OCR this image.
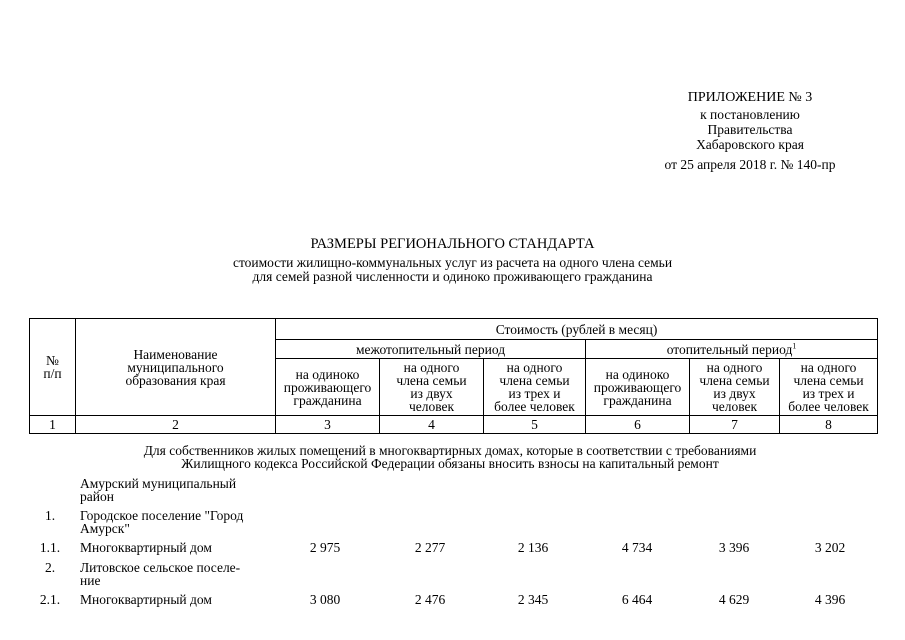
ПРИЛОЖЕНИЕ № 3
к постановлению
Правительства
Хабаровского края
от 25 апреля 2018 г. № 140-пр
РАЗМЕРЫ РЕГИОНАЛЬНОГО СТАНДАРТА
стоимости жилищно-коммунальных услуг из расчета на одного члена семьи
для семей разной численности и одиноко проживающего гражданина
№
п/п	Наименование
муниципального
образования края	Стоимость (рублей в месяц)					
		межотопительный период			отопительный период$^1$

		на одиноко
проживающего
гражданина	на одного
члена семьи
из двух
человек	на одного
члена семьи
из трех и
более человек	на одиноко
проживающего
гражданина	на одного
члена семьи
из двух
человек	на одного
члена семьи
из трех и
более человек

1	2	3	4	5	6	7	8
Для собственников жилых помещений в многоквартирных домах, которые в соответствии с требованиями
Жилищного кодекса Российской Федерации обязаны вносить взносы на капитальный ремонт
Амурский муниципальный
район
1.	Городское поселение "Город
Амурск"
1.1.	Многоквартирный дом	2 975	2 277	2 136	4 734	3 396	3 202
2.	Литовское сельское поселе-
ние
2.1.	Многоквартирный дом	3 080	2 476	2 345	6 464	4 629	4 396
